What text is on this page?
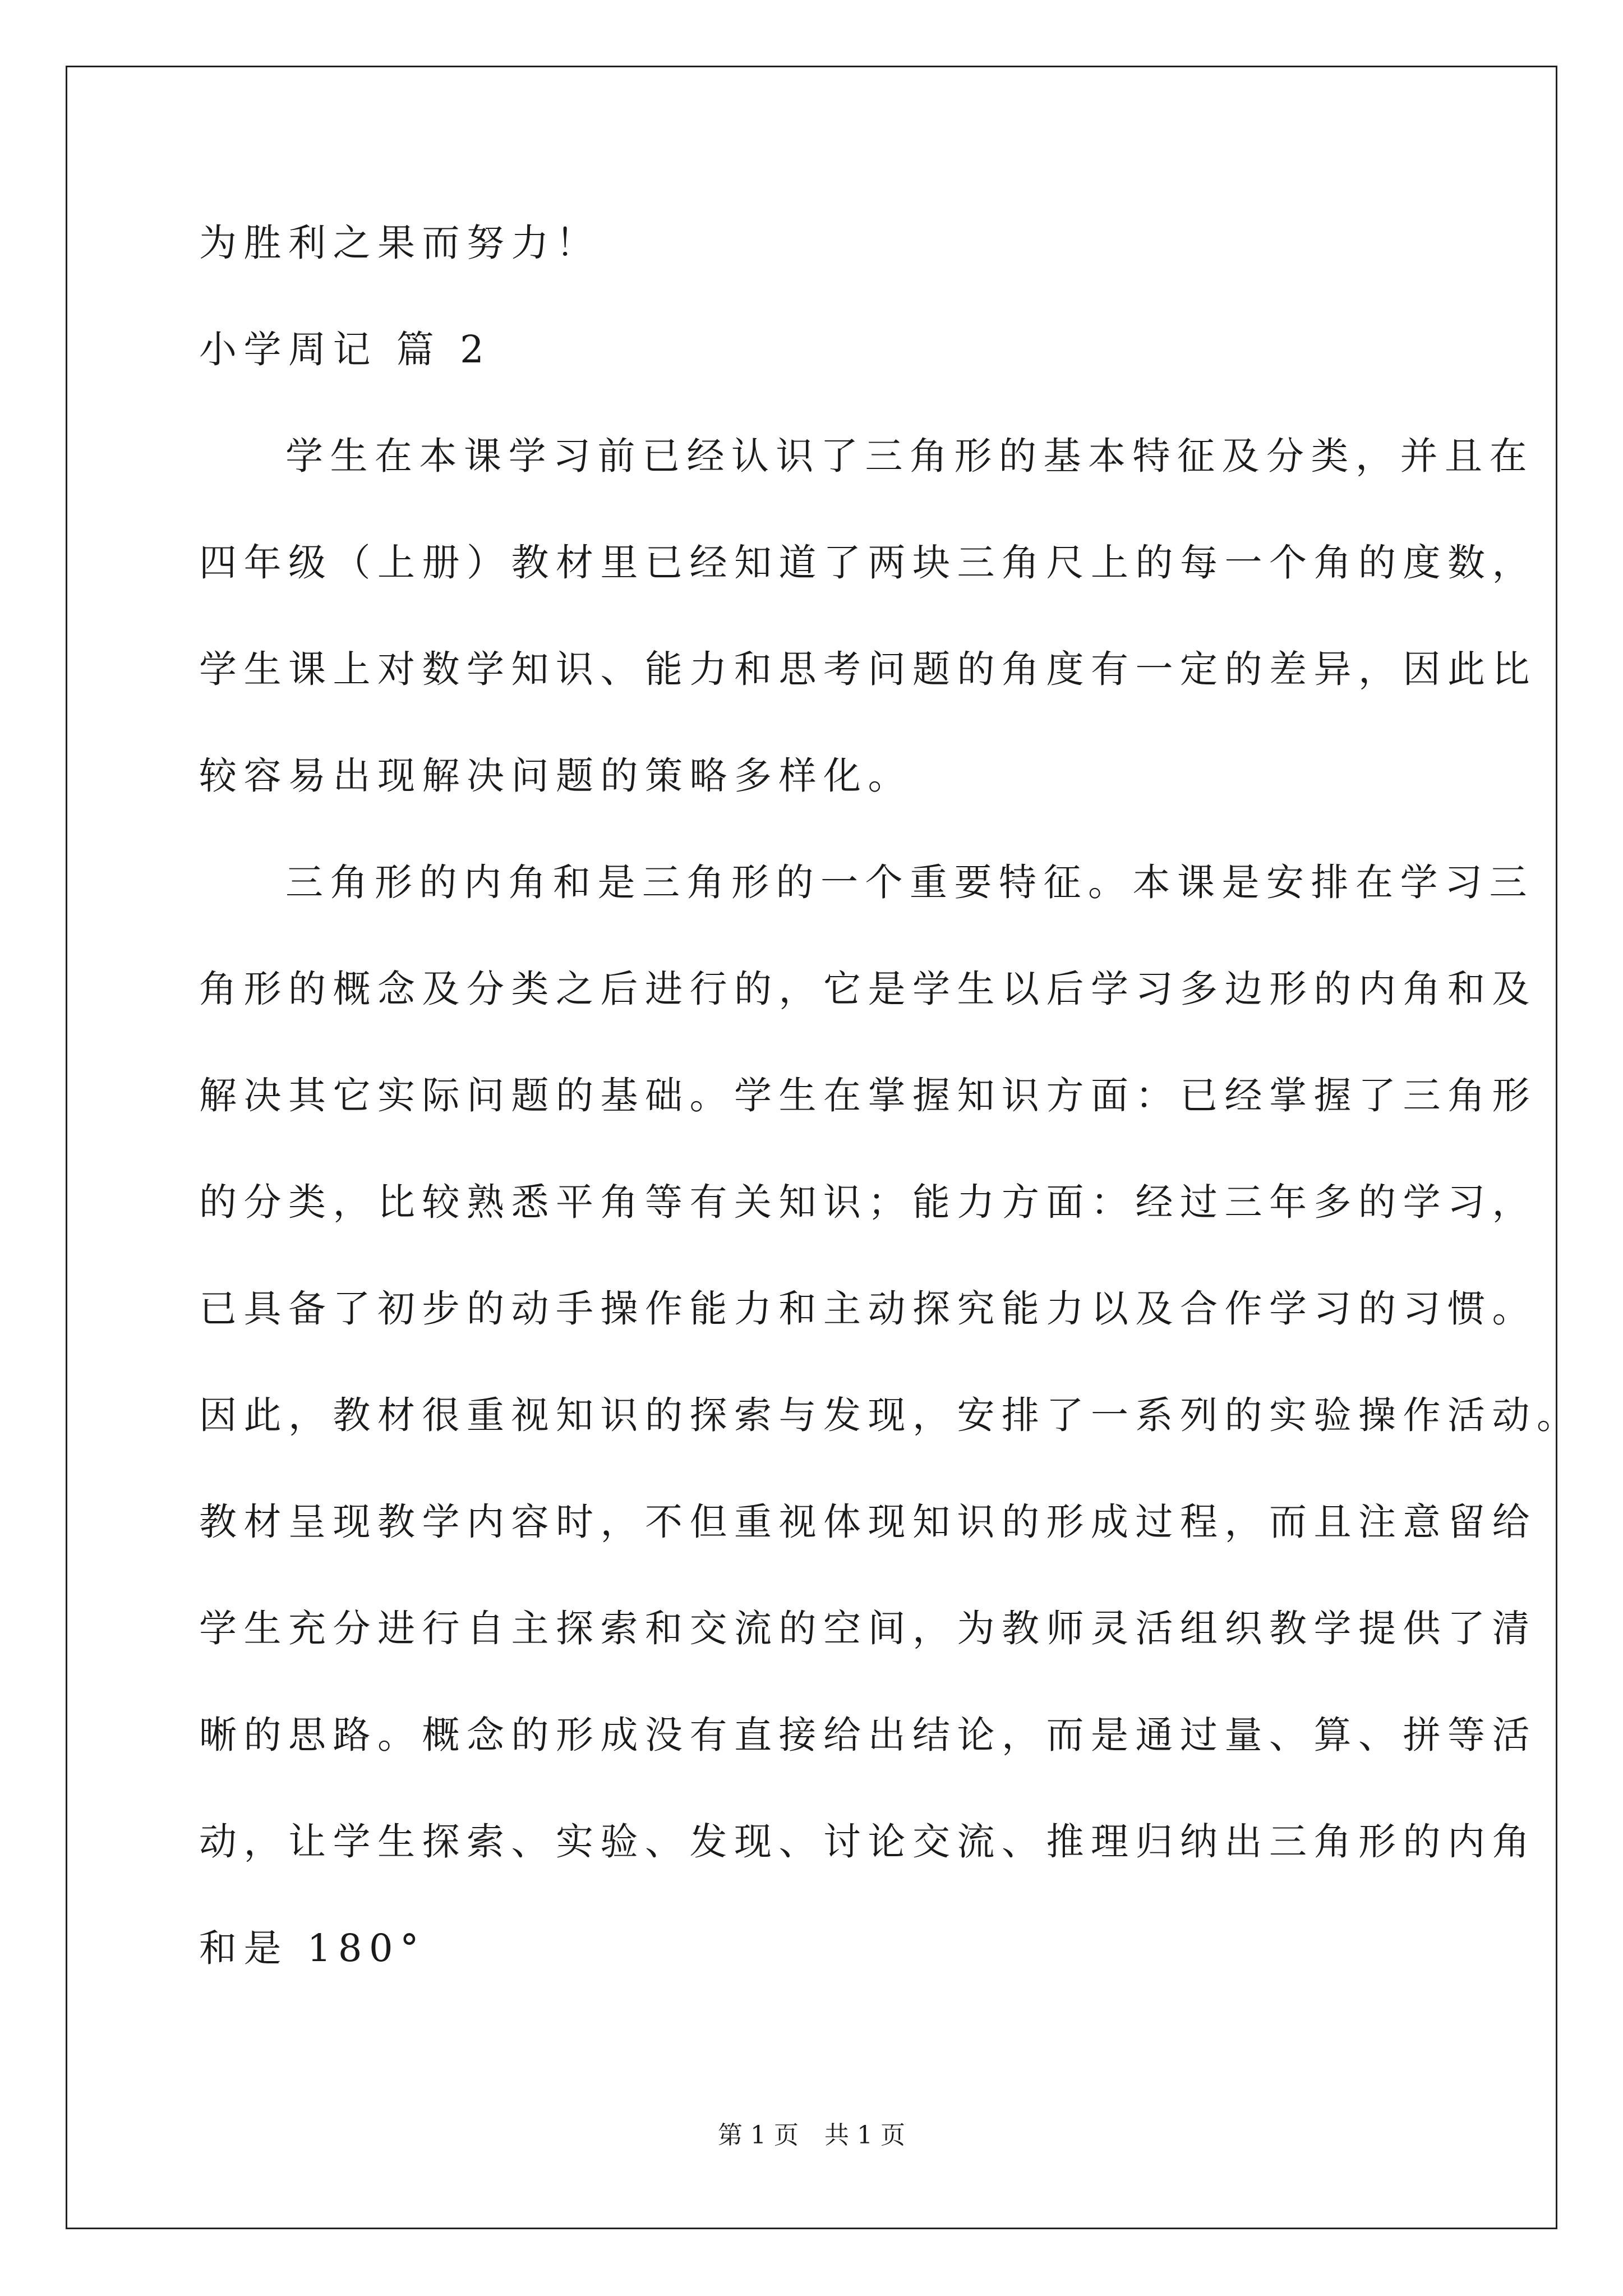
为胜利之果而努力！

小学周记 篇 2

学生在本课学习前已经认识了三角形的基本特征及分类，并且在

四年级（上册）教材里已经知道了两块三角尺上的每一个角的度数，

学生课上对数学知识、能力和思考问题的角度有一定的差异，因此比

较容易出现解决问题的策略多样化。

三角形的内角和是三角形的一个重要特征。本课是安排在学习三

角形的概念及分类之后进行的，它是学生以后学习多边形的内角和及

解决其它实际问题的基础。学生在掌握知识方面：已经掌握了三角形

的分类，比较熟悉平角等有关知识；能力方面：经过三年多的学习，

已具备了初步的动手操作能力和主动探究能力以及合作学习的习惯。

因此，教材很重视知识的探索与发现，安排了一系列的实验操作活动。

教材呈现教学内容时，不但重视体现知识的形成过程，而且注意留给

学生充分进行自主探索和交流的空间，为教师灵活组织教学提供了清

晰的思路。概念的形成没有直接给出结论，而是通过量、算、拼等活

动，让学生探索、实验、发现、讨论交流、推理归纳出三角形的内角

和是 180°

第 1 页 共 1 页
